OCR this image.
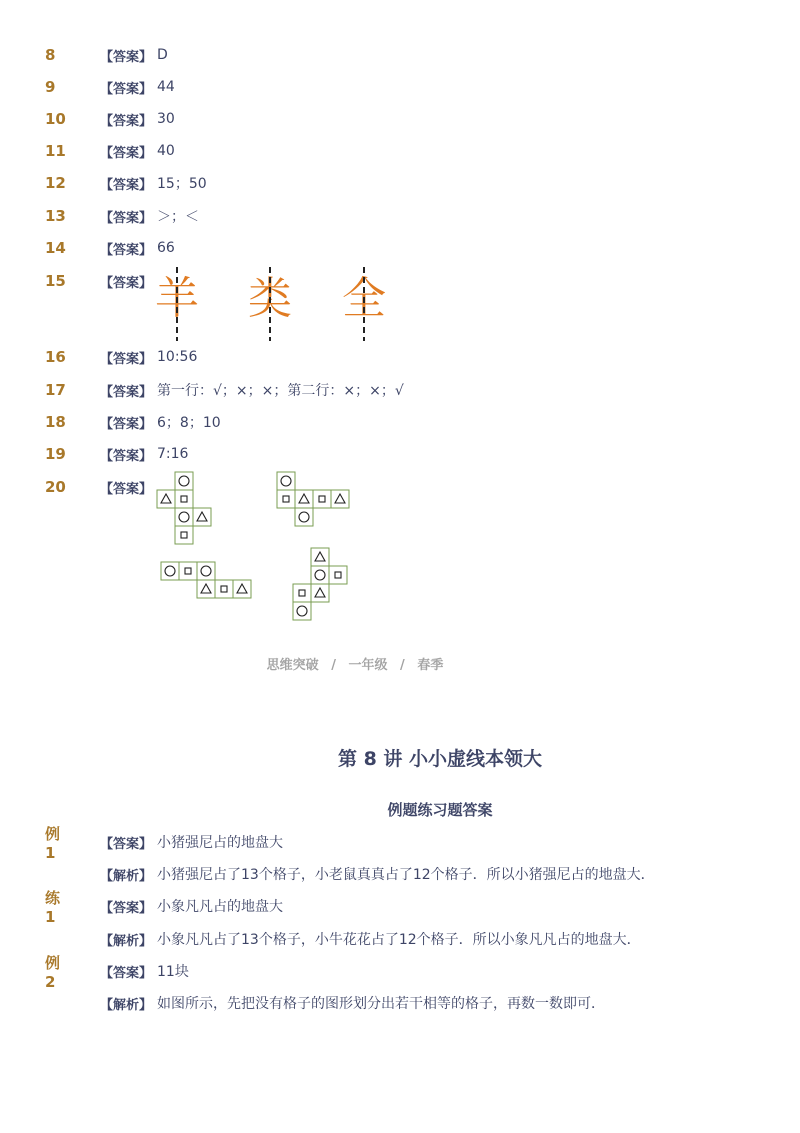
8	【答案】 D
9	【答案】 44
10	【答案】 30
11	【答案】 40
12	【答案】 15；50
13	【答案】 ＞；＜
14	【答案】 66
15	【答案】 羊 类 全
16	【答案】 10:56
17	【答案】 第一行：√；×；×；第二行：×；×；√
18	【答案】 6；8；10
19	【答案】 7:16
20	【答案】
思维突破 / 一年级 / 春季
第 8 讲 小小虚线本领大
例题练习题答案
例1	【答案】 小猪强尼占的地盘大
【解析】 小猪强尼占了13个格子，小老鼠真真占了12个格子．所以小猪强尼占的地盘大．
练1	【答案】 小象凡凡占的地盘大
【解析】 小象凡凡占了13个格子，小牛花花占了12个格子．所以小象凡凡占的地盘大．
例2	【答案】 11块
【解析】 如图所示，先把没有格子的图形划分出若干相等的格子，再数一数即可．
